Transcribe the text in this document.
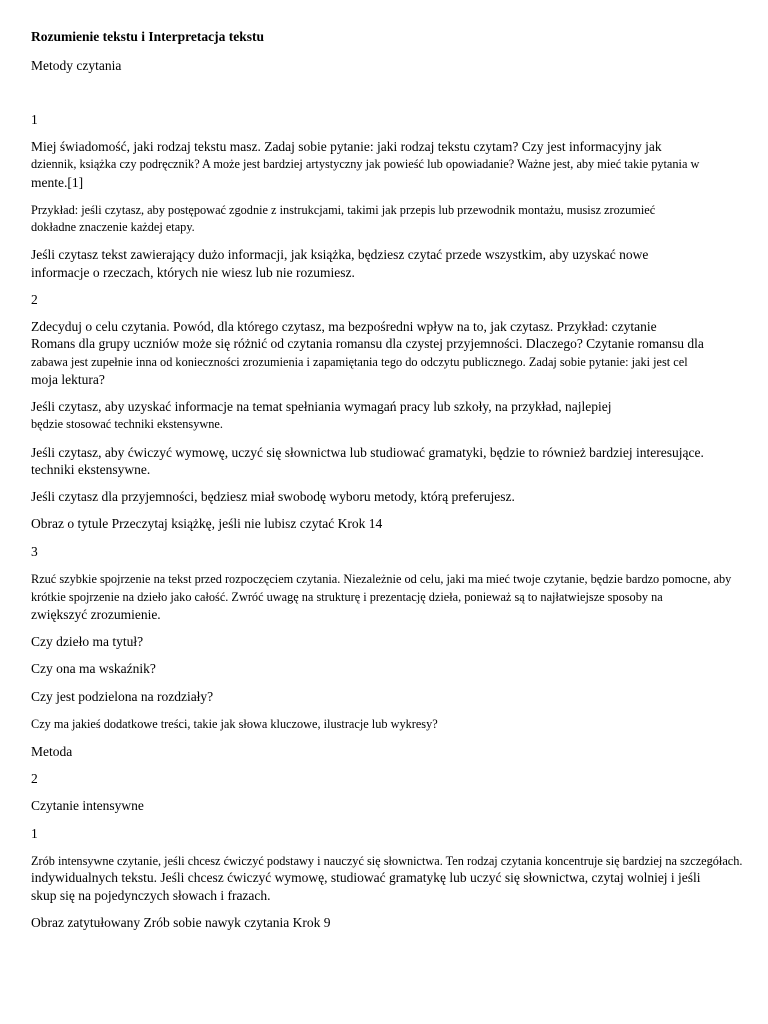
Rozumienie tekstu i Interpretacja tekstu
Metody czytania
1
Miej świadomość, jaki rodzaj tekstu masz. Zadaj sobie pytanie: jaki rodzaj tekstu czytam? Czy jest informacyjny jak
dziennik, książka czy podręcznik? A może jest bardziej artystyczny jak powieść lub opowiadanie? Ważne jest, aby mieć takie pytania w
mente.[1]
Przykład: jeśli czytasz, aby postępować zgodnie z instrukcjami, takimi jak przepis lub przewodnik montażu, musisz zrozumieć
dokładne znaczenie każdej etapy.
Jeśli czytasz tekst zawierający dużo informacji, jak książka, będziesz czytać przede wszystkim, aby uzyskać nowe
informacje o rzeczach, których nie wiesz lub nie rozumiesz.
2
Zdecyduj o celu czytania. Powód, dla którego czytasz, ma bezpośredni wpływ na to, jak czytasz. Przykład: czytanie
Romans dla grupy uczniów może się różnić od czytania romansu dla czystej przyjemności. Dlaczego? Czytanie romansu dla
zabawa jest zupełnie inna od konieczności zrozumienia i zapamiętania tego do odczytu publicznego. Zadaj sobie pytanie: jaki jest cel
moja lektura?
Jeśli czytasz, aby uzyskać informacje na temat spełniania wymagań pracy lub szkoły, na przykład, najlepiej
będzie stosować techniki ekstensywne.
Jeśli czytasz, aby ćwiczyć wymowę, uczyć się słownictwa lub studiować gramatyki, będzie to również bardziej interesujące.
techniki ekstensywne.
Jeśli czytasz dla przyjemności, będziesz miał swobodę wyboru metody, którą preferujesz.
Obraz o tytule Przeczytaj książkę, jeśli nie lubisz czytać Krok 14
3
Rzuć szybkie spojrzenie na tekst przed rozpoczęciem czytania. Niezależnie od celu, jaki ma mieć twoje czytanie, będzie bardzo pomocne, aby
krótkie spojrzenie na dzieło jako całość. Zwróć uwagę na strukturę i prezentację dzieła, ponieważ są to najłatwiejsze sposoby na
zwiększyć zrozumienie.
Czy dzieło ma tytuł?
Czy ona ma wskaźnik?
Czy jest podzielona na rozdziały?
Czy ma jakieś dodatkowe treści, takie jak słowa kluczowe, ilustracje lub wykresy?
Metoda
2
Czytanie intensywne
1
Zrób intensywne czytanie, jeśli chcesz ćwiczyć podstawy i nauczyć się słownictwa. Ten rodzaj czytania koncentruje się bardziej na szczegółach.
indywidualnych tekstu. Jeśli chcesz ćwiczyć wymowę, studiować gramatykę lub uczyć się słownictwa, czytaj wolniej i jeśli
skup się na pojedynczych słowach i frazach.
Obraz zatytułowany Zrób sobie nawyk czytania Krok 9
